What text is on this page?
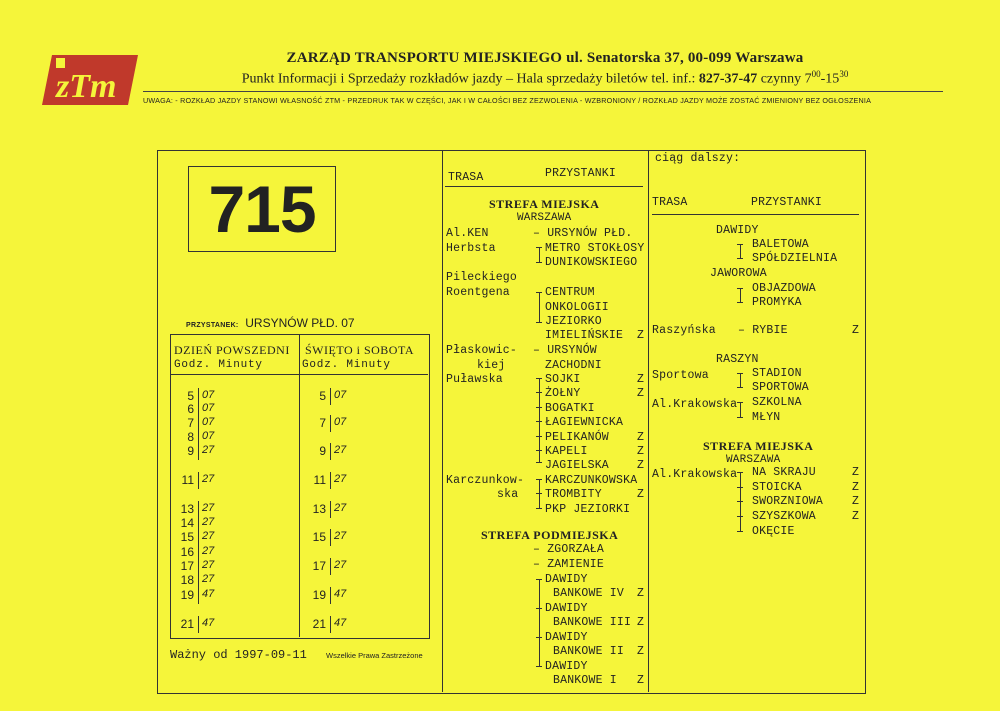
zTm
ZARZĄD TRANSPORTU MIEJSKIEGO ul. Senatorska 37, 00-099 Warszawa
Punkt Informacji i Sprzedaży rozkładów jazdy – Hala sprzedaży biletów tel. inf.: 827-37-47 czynny $7^{00}-15^{30}$
UWAGA: - ROZKŁAD JAZDY STANOWI WŁASNOŚĆ ZTM - PRZEDRUK TAK W CZĘŚCI, JAK I W CAŁOŚCI BEZ ZEZWOLENIA - WZBRONIONY / ROZKŁAD JAZDY MOŻE ZOSTAĆ ZMIENIONY BEZ OGŁOSZENIA
715
PRZYSTANEK: URSYNÓW PŁD. 07
DZIEŃ POWSZEDNI ŚWIĘTO i SOBOTA
Godz. Minuty	Godz. Minuty
5 07
6 07
7 07
8 07
9 27
11 27
13 27
14 27
15 27
16 27
17 27
18 27
19 47
21 47
5 07
7 07
9 27
11 27
13 27
15 27
17 27
19 47
21 47
Ważny od 1997-09-11	Wszelkie Prawa Zastrzeżone
TRASA	PRZYSTANKI
STREFA MIEJSKA
WARSZAWA
Al.KEN	– URSYNÓW PŁD.
Herbsta	METRO STOKŁOSY
DUNIKOWSKIEGO
Pileckiego
Roentgena	CENTRUM
ONKOLOGII
JEZIORKO
IMIELIŃSKIE Z
Płaskowic- – URSYNÓW
kiej	ZACHODNI
Puławska	SOJKI	Z
ŻOŁNY	Z
BOGATKI
ŁAGIEWNICKA
PELIKANÓW Z
KAPELI	Z
JAGIELSKA Z
Karczunkow- KARCZUNKOWSKA
ska TROMBITY	Z
PKP JEZIORKI
STREFA PODMIEJSKA
– ZGORZAŁA
– ZAMIENIE
DAWIDY
BANKOWE IV Z
DAWIDY
BANKOWE III Z
DAWIDY
BANKOWE II Z
DAWIDY
BANKOWE I Z
ciąg dalszy:
TRASA	PRZYSTANKI
DAWIDY
BALETOWA
SPÓŁDZIELNIA
JAWOROWA
OBJAZDOWA
PROMYKA
Raszyńska – RYBIE	Z
RASZYN
Sportowa	STADION
SPORTOWA
Al.Krakowska SZKOLNA
MŁYN
STREFA MIEJSKA
WARSZAWA
Al.Krakowska NA SKRAJU	Z
STOICKA	Z
SWORZNIOWA	Z
SZYSZKOWA	Z
OKĘCIE
